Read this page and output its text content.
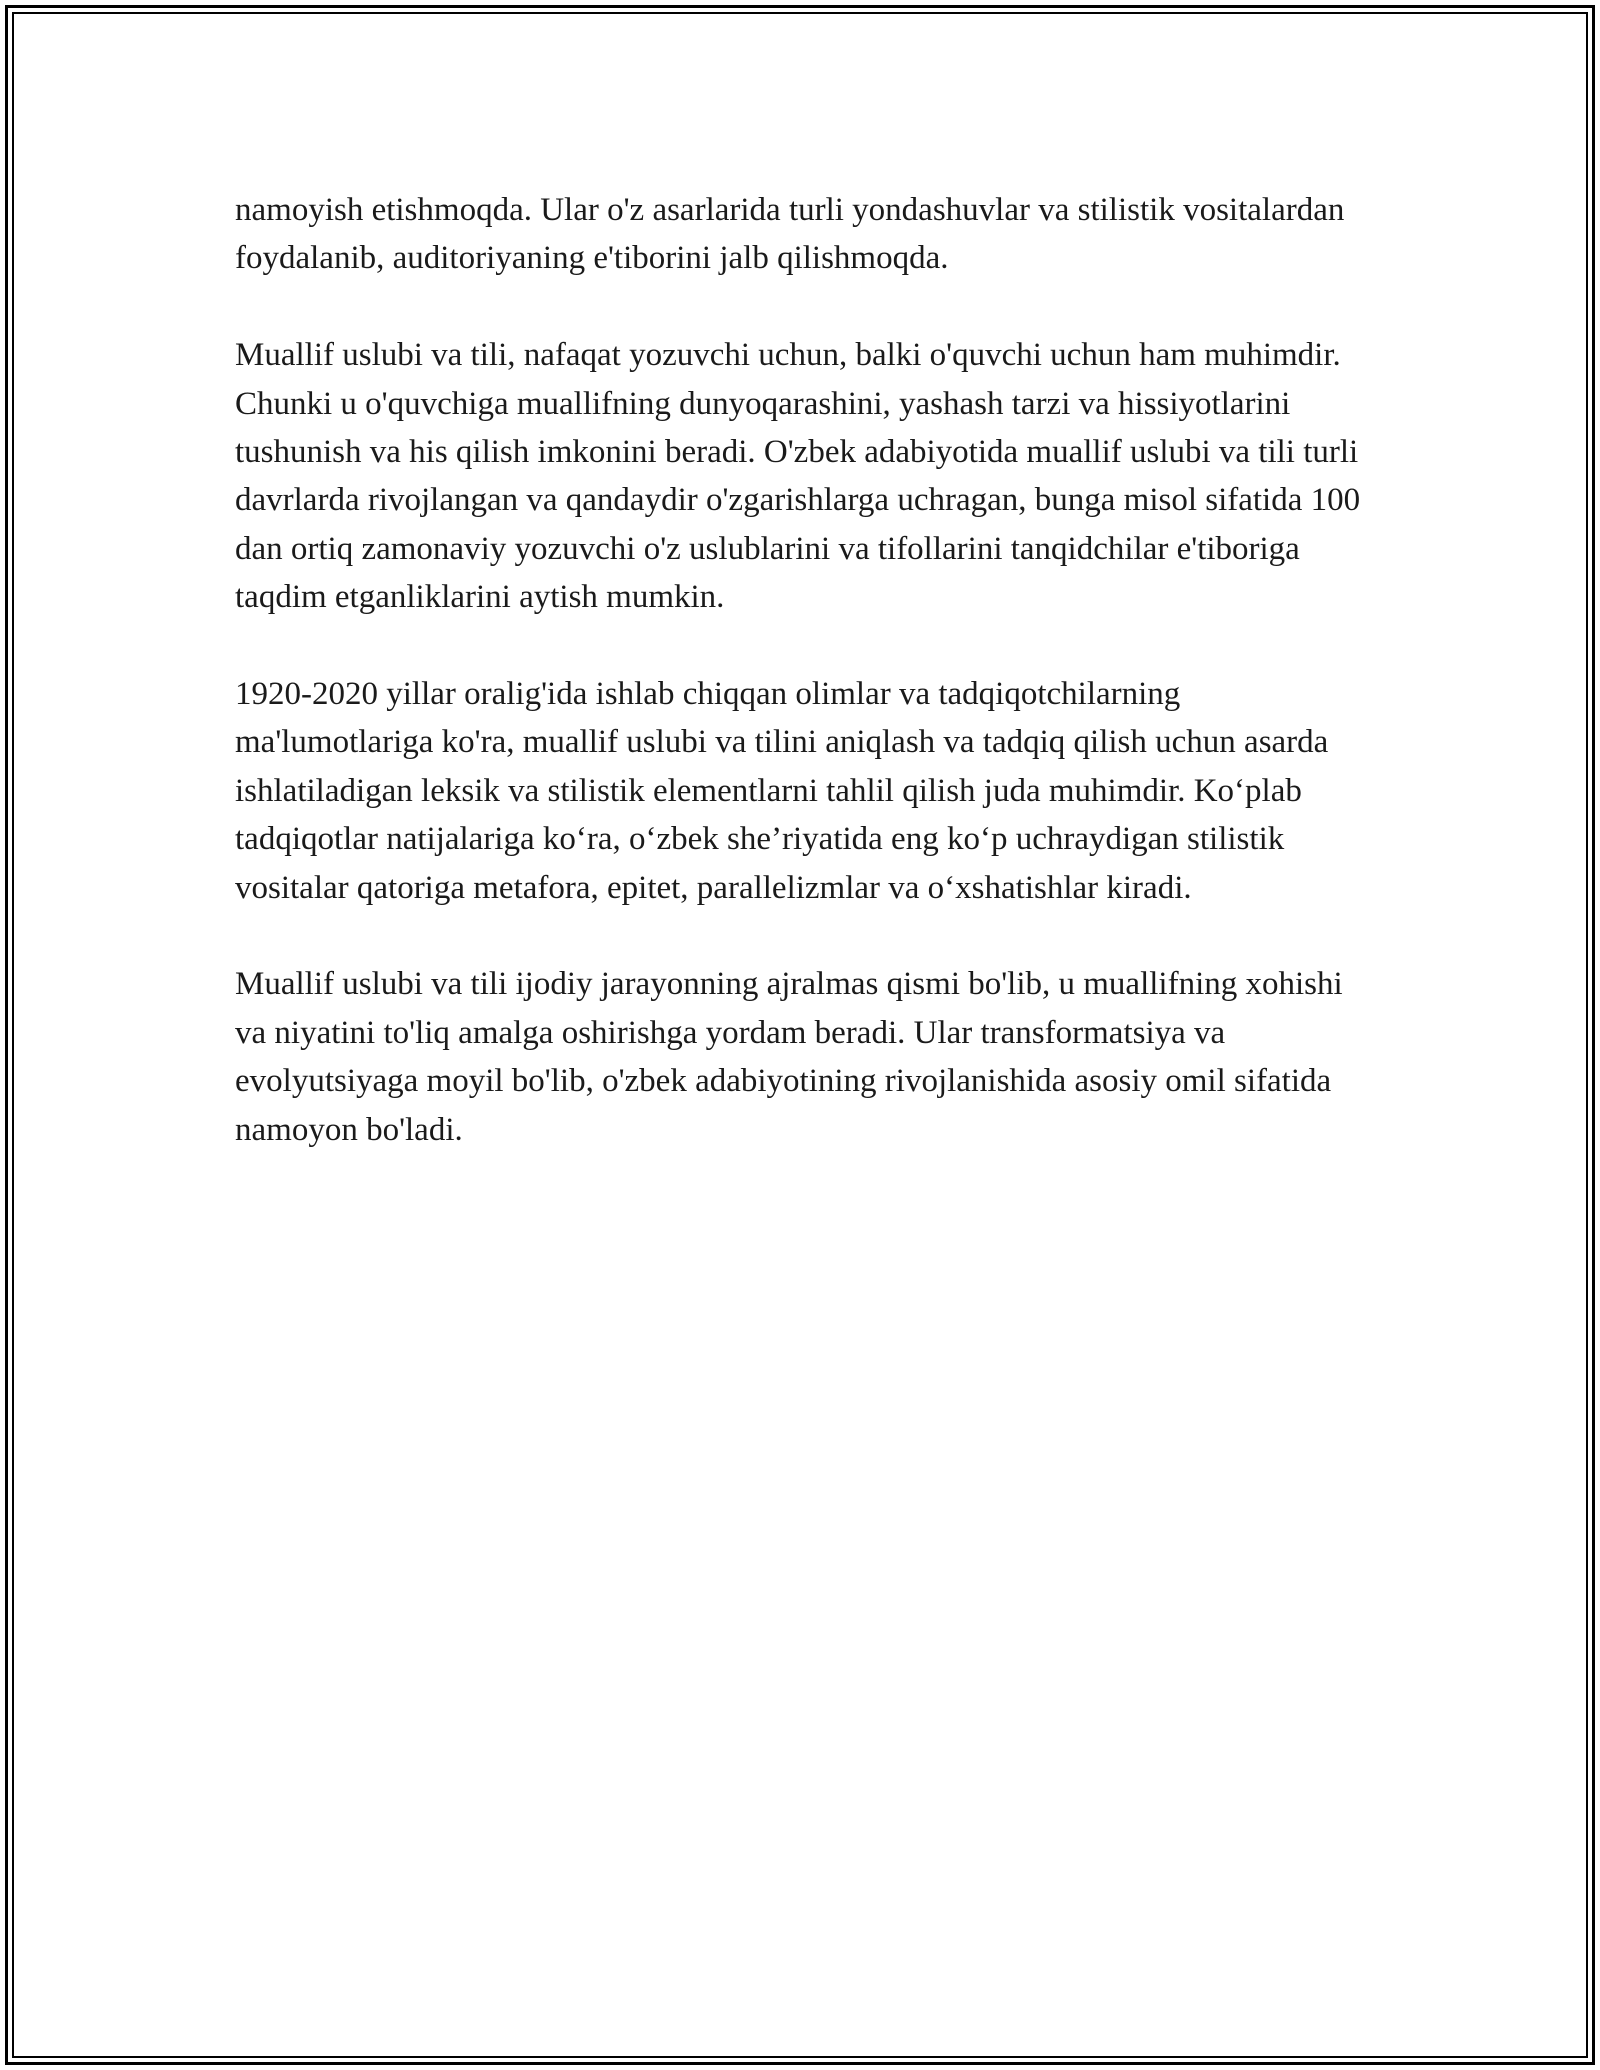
namoyish etishmoqda. Ular o'z asarlarida turli yondashuvlar va stilistik vositalardan foydalanib, auditoriyaning e'tiborini jalb qilishmoqda.

Muallif uslubi va tili, nafaqat yozuvchi uchun, balki o'quvchi uchun ham muhimdir. Chunki u o'quvchiga muallifning dunyoqarashini, yashash tarzi va hissiyotlarini tushunish va his qilish imkonini beradi. O'zbek adabiyotida muallif uslubi va tili turli davrlarda rivojlangan va qandaydir o'zgarishlarga uchragan, bunga misol sifatida 100 dan ortiq zamonaviy yozuvchi o'z uslublarini va tifollarini tanqidchilar e'tiboriga taqdim etganliklarini aytish mumkin.

1920-2020 yillar oralig'ida ishlab chiqqan olimlar va tadqiqotchilarning ma'lumotlariga ko'ra, muallif uslubi va tilini aniqlash va tadqiq qilish uchun asarda ishlatiladigan leksik va stilistik elementlarni tahlil qilish juda muhimdir. Ko‘plab tadqiqotlar natijalariga ko‘ra, o‘zbek she’riyatida eng ko‘p uchraydigan stilistik vositalar qatoriga metafora, epitet, parallelizmlar va o‘xshatishlar kiradi.

Muallif uslubi va tili ijodiy jarayonning ajralmas qismi bo'lib, u muallifning xohishi va niyatini to'liq amalga oshirishga yordam beradi. Ular transformatsiya va evolyutsiyaga moyil bo'lib, o'zbek adabiyotining rivojlanishida asosiy omil sifatida namoyon bo'ladi.
